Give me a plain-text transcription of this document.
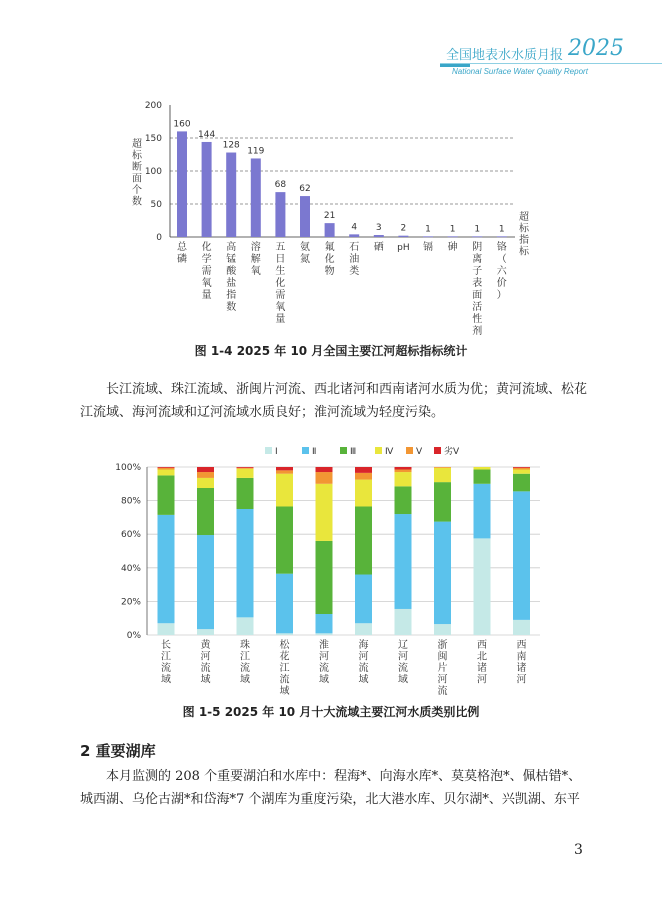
全国地表水水质月报 2025
National Surface Water Quality Report
0
50
100
150
200
160
总磷
144
化学需氧量
128
高锰酸盐指数
119
溶解氧
68
五日生化需氧量
62
氨氮
21
氟化物
4
石油类
3
硒
2
pH
1
镉
1
砷
1
阴离子表面活性剂
1
铬（六价）
超标断面个数
超标指标
图 1-4 2025 年 10 月全国主要江河超标指标统计

长江流域、珠江流域、浙闽片河流、西北诸河和西南诸河水质为优；黄河流域、松花江流域、海河流域和辽河流域水质良好；淮河流域为轻度污染。

100%
80%
60%
40%
20%
0%
Ⅰ	Ⅱ	Ⅲ	Ⅳ	Ⅴ 劣Ⅴ
长江流域
黄河流域
珠江流域
松花江流域
淮河流域
海河流域
辽河流域
浙闽片河流
西北诸河
西南诸河
图 1-5 2025 年 10 月十大流域主要江河水质类别比例
2 重要湖库

本月监测的 208 个重要湖泊和水库中：程海*、向海水库*、莫莫格泡*、佩枯错*、城西湖、乌伦古湖*和岱海*7 个湖库为重度污染，北大港水库、贝尔湖*、兴凯湖、东平

3
